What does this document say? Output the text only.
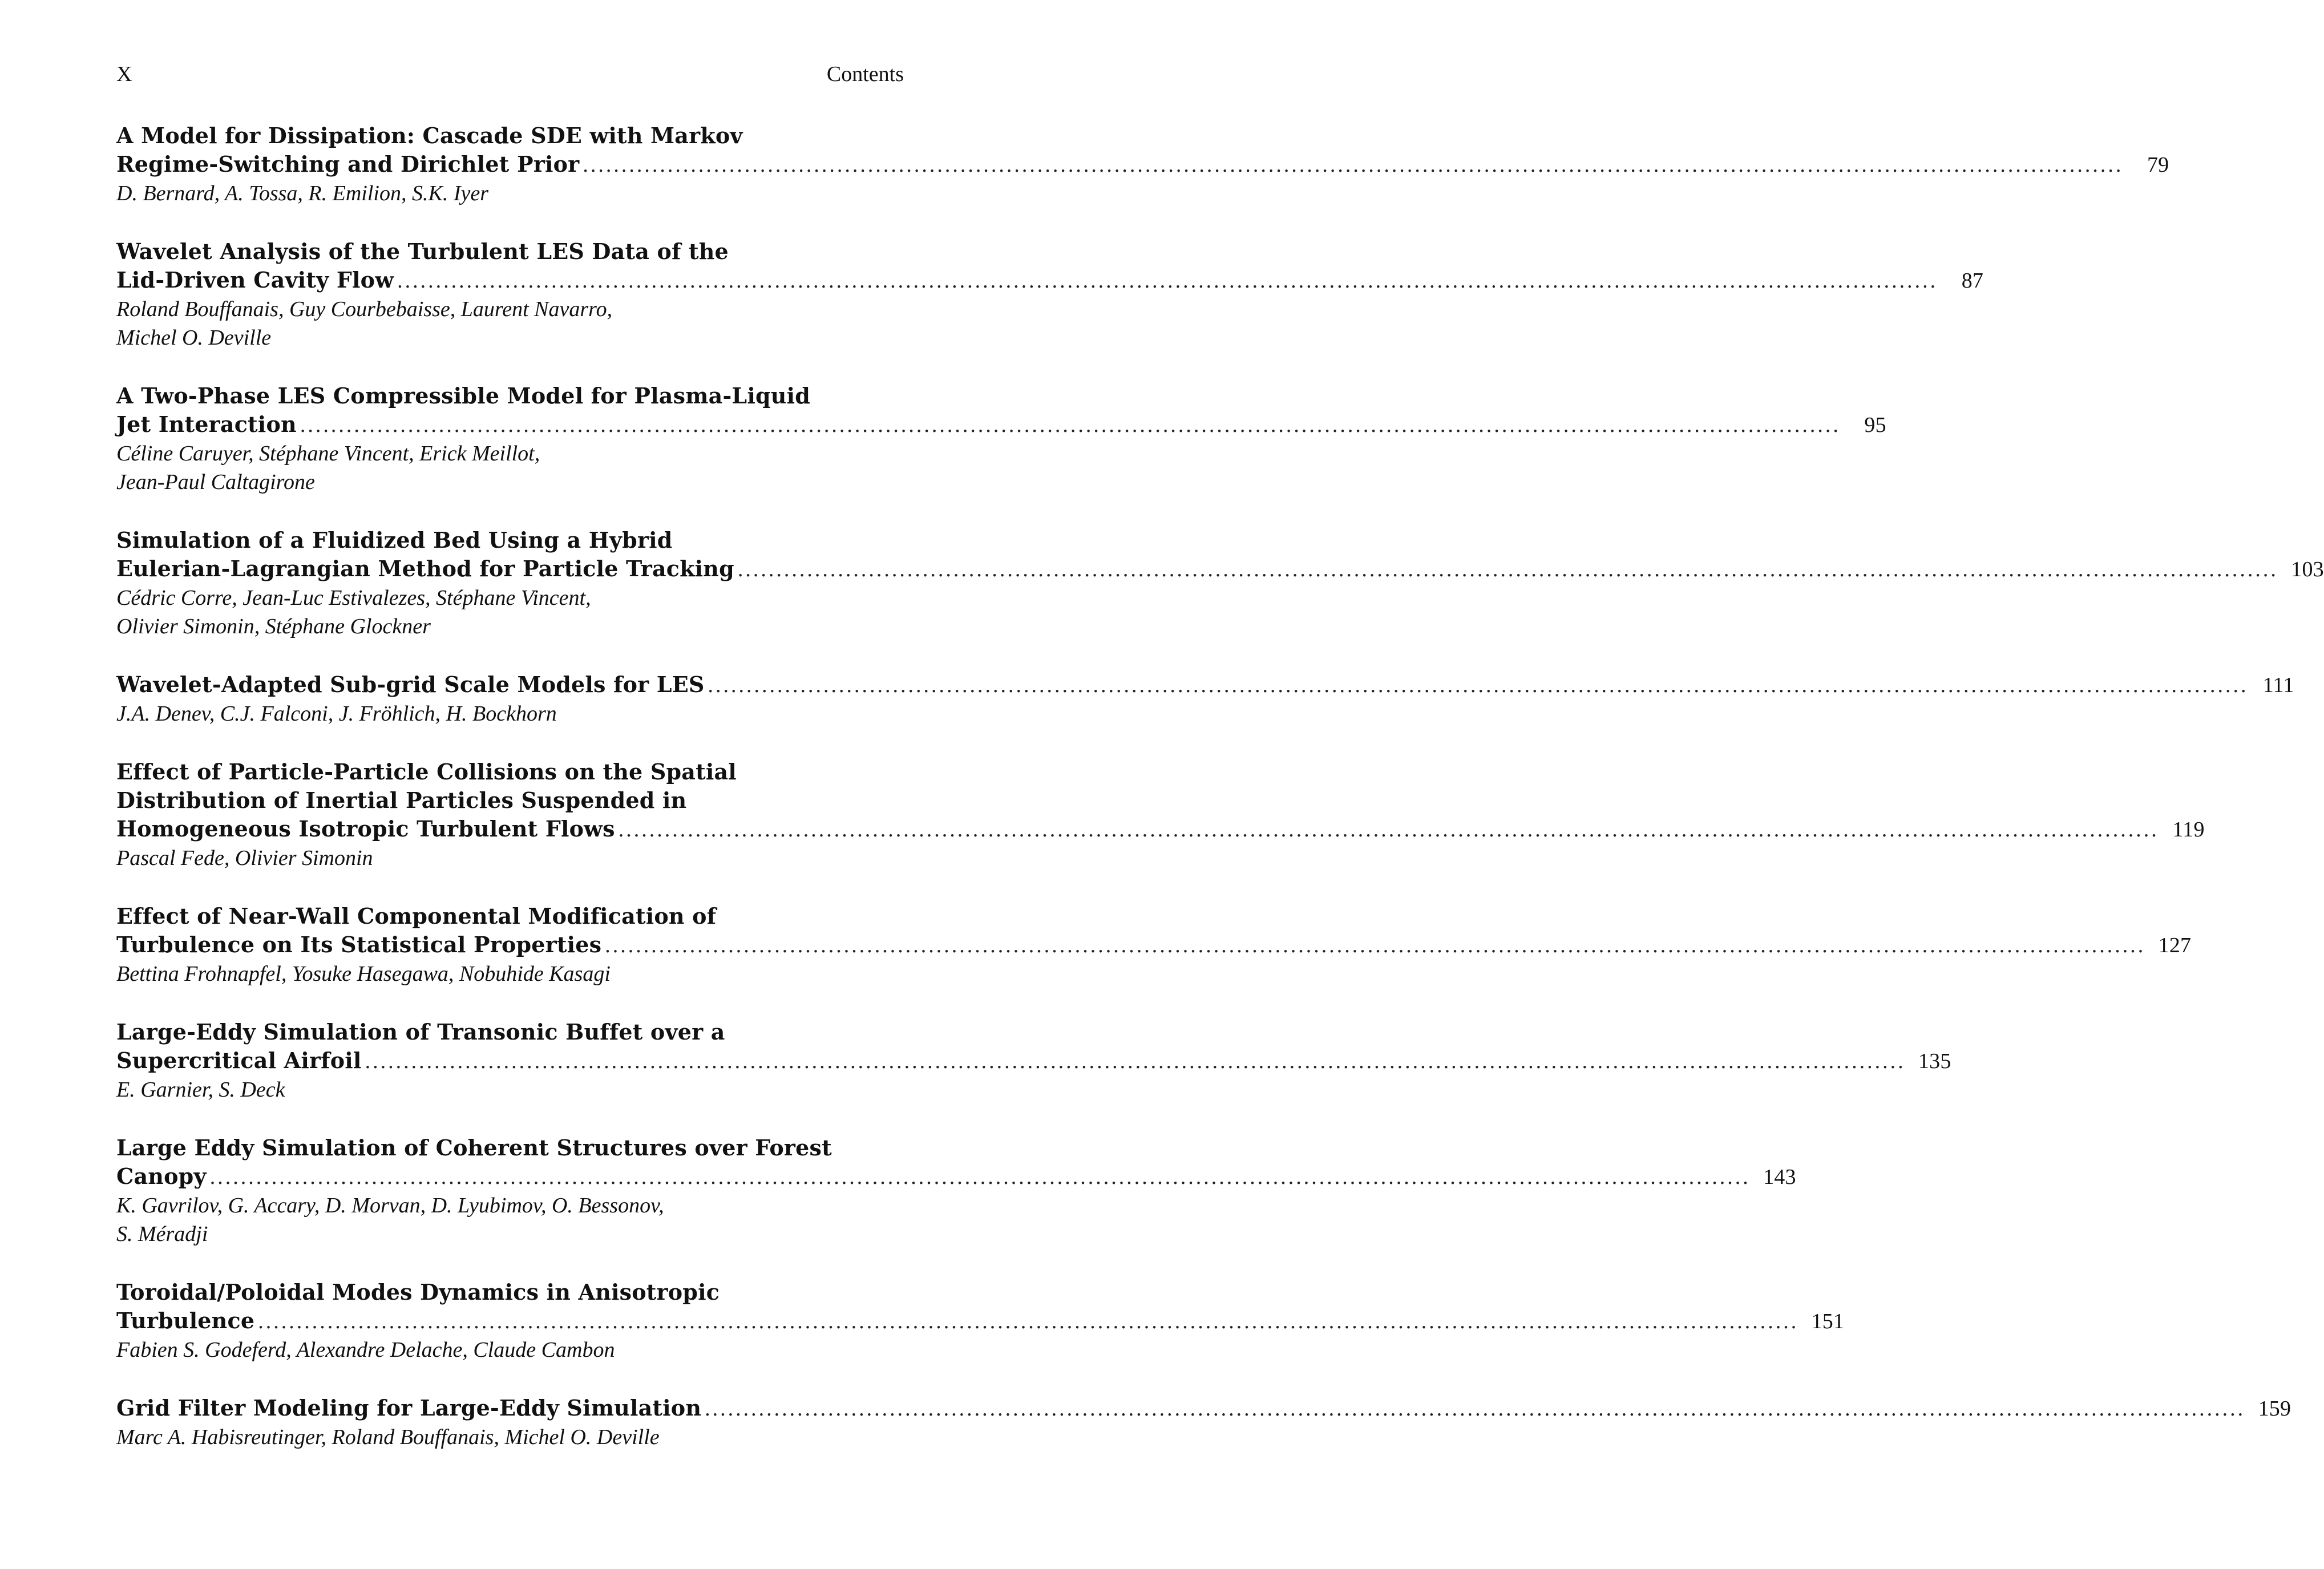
X	Contents
A Model for Dissipation: Cascade SDE with Markov
Regime-Switching and Dirichlet Prior ........................................................................................................................................................................................................	79
D. Bernard, A. Tossa, R. Emilion, S.K. Iyer
Wavelet Analysis of the Turbulent LES Data of the
Lid-Driven Cavity Flow ........................................................................................................................................................................................................	87
Roland Bouffanais, Guy Courbebaisse, Laurent Navarro,
Michel O. Deville
A Two-Phase LES Compressible Model for Plasma-Liquid
Jet Interaction ........................................................................................................................................................................................................	95
Céline Caruyer, Stéphane Vincent, Erick Meillot,
Jean-Paul Caltagirone
Simulation of a Fluidized Bed Using a Hybrid
Eulerian-Lagrangian Method for Particle Tracking ........................................................................................................................................................................................................ 103
Cédric Corre, Jean-Luc Estivalezes, Stéphane Vincent,
Olivier Simonin, Stéphane Glockner
Wavelet-Adapted Sub-grid Scale Models for LES ........................................................................................................................................................................................................ 111
J.A. Denev, C.J. Falconi, J. Fröhlich, H. Bockhorn
Effect of Particle-Particle Collisions on the Spatial
Distribution of Inertial Particles Suspended in
Homogeneous Isotropic Turbulent Flows ........................................................................................................................................................................................................ 119
Pascal Fede, Olivier Simonin
Effect of Near-Wall Componental Modification of
Turbulence on Its Statistical Properties ........................................................................................................................................................................................................ 127
Bettina Frohnapfel, Yosuke Hasegawa, Nobuhide Kasagi
Large-Eddy Simulation of Transonic Buffet over a
Supercritical Airfoil ........................................................................................................................................................................................................ 135
E. Garnier, S. Deck
Large Eddy Simulation of Coherent Structures over Forest
Canopy ........................................................................................................................................................................................................ 143
K. Gavrilov, G. Accary, D. Morvan, D. Lyubimov, O. Bessonov,
S. Méradji
Toroidal/Poloidal Modes Dynamics in Anisotropic
Turbulence ........................................................................................................................................................................................................ 151
Fabien S. Godeferd, Alexandre Delache, Claude Cambon
Grid Filter Modeling for Large-Eddy Simulation ........................................................................................................................................................................................................ 159
Marc A. Habisreutinger, Roland Bouffanais, Michel O. Deville
